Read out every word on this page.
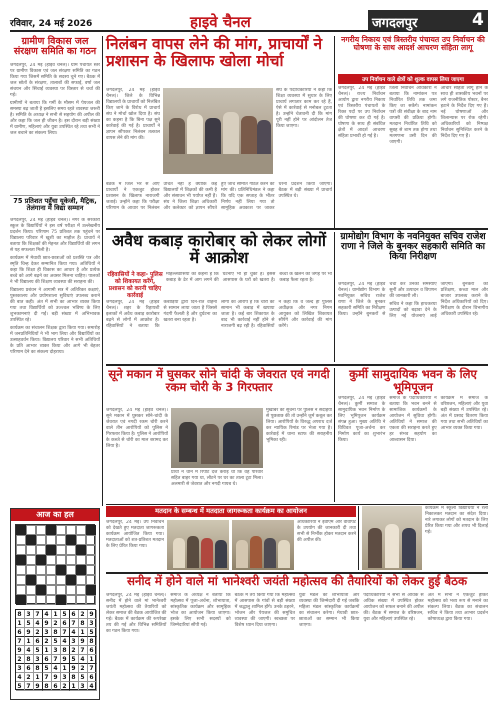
रविवार, 24 मई 2026	हाइवे चैनल	जगदलपुर	4
ग्रामीण विकास जल संरक्षण समिति का गठन

जगदलपुर, 24 मई (हाईवे चैनल)। ग्राम पंचायत स्तर पर ग्रामीण विकास एवं जल संरक्षण समिति का गठन किया गया जिसमें समिति के सदस्य चुने गए। बैठक में जल स्रोतों के संरक्षण, तालाबों की सफाई, वर्षा जल संचयन और सिंचाई व्यवस्था पर विस्तार से चर्चा की गई।

ग्रामीणों ने बताया कि गर्मी के मौसम में पेयजल की समस्या बढ़ जाती है इसलिए समय रहते व्यवस्था जरूरी है। समिति के अध्यक्ष ने सभी से सहयोग की अपील की और कहा कि जल ही जीवन है। इस दौरान बड़ी संख्या में ग्रामीण, महिलाएं और युवा उपस्थित रहे तथा सभी ने जल बचाने का संकल्प लिया।

75 प्रतिशत पहुँचा यूकेजी, मैट्रिक, तेलंगाना में विद्या सम्मान

जगदलपुर, 24 मई (हाईवे चैनल)। नगर के सरकारी स्कूल के विद्यार्थियों ने इस वर्ष परीक्षा में उल्लेखनीय प्रदर्शन किया। परिणाम 75 प्रतिशत तक पहुंचने पर विद्यालय परिवार में खुशी का माहौल है। प्राचार्य ने बताया कि शिक्षकों की मेहनत और विद्यार्थियों की लगन से यह सफलता मिली है।

कार्यक्रम में मेधावी छात्र-छात्राओं को प्रशस्ति पत्र और स्मृति चिन्ह देकर सम्मानित किया गया। अतिथियों ने कहा कि शिक्षा ही विकास का आधार है और प्रत्येक बच्चे को आगे बढ़ने का अवसर मिलना चाहिए। पालकों ने भी विद्यालय की शिक्षण व्यवस्था की सराहना की।

विद्यालय प्रबंधन ने आगामी सत्र में अतिरिक्त कक्षाएं, पुस्तकालय और प्रयोगशाला सुविधाएं उपलब्ध कराने की बात कही। अंत में सभी का आभार व्यक्त किया गया तथा विद्यार्थियों को उज्ज्वल भविष्य के लिए शुभकामनाएं दी गईं। बड़ी संख्या में अभिभावक उपस्थित रहे।

कार्यक्रम का संचालन शिक्षक द्वारा किया गया। समारोह में जनप्रतिनिधियों ने भी भाग लिया और विद्यार्थियों का उत्साहवर्धन किया। विद्यालय परिवार ने सभी अतिथियों के प्रति आभार व्यक्त किया और आगे भी बेहतर परिणाम देने का संकल्प दोहराया।

आज का हल
8 3 7 4 1 5 6 2 9
1 5 4 9 2 6 7 8 3
6 9 2 3 8 7 4 1 5
7 1 6 2 5 4 3 9 8
9 4 5 1 3 8 2 7 6
2 8 3 6 7 9 5 4 1
3 6 8 5 4 1 9 2 7
4 2 1 7 9 3 8 5 6
5 7 9 8 6 2 1 3 4
निलंबन वापस लेने की मांग, प्राचार्यों ने प्रशासन के खिलाफ खोला मोर्चा

जगदलपुर, 24 मई (हाईवे चैनल)। जिले के विभिन्न विद्यालयों के प्राचार्यों को निलंबित किए जाने के विरोध में प्राचार्य संघ ने मोर्चा खोल दिया है। संघ का कहना है कि बिना पक्ष सुने कार्रवाई की गई है। प्राचार्यों ने ज्ञापन सौंपकर निलंबन तत्काल वापस लेने की मांग की।

संघ के पदाधिकारियों ने कहा कि शिक्षा व्यवस्था में सुधार के लिए प्राचार्य लगातार काम कर रहे हैं, ऐसे में कार्रवाई से मनोबल टूटता है। उन्होंने चेतावनी दी कि मांग पूरी नहीं होने पर आंदोलन तेज किया जाएगा।

बैठक में जिले भर से आए प्राचार्यों ने एकजुट होकर प्रशासन के खिलाफ नाराजगी जताई। उन्होंने कहा कि परीक्षा परिणाम के आधार पर निलंबन उचित नहीं है क्योंकि कई विद्यालयों में शिक्षकों की कमी है और संसाधन भी पर्याप्त नहीं हैं। संघ ने जिला शिक्षा अधिकारी और कलेक्टर को ज्ञापन सौंपते हुए जांच समिति गठित करने की मांग की। प्रतिनिधिमंडल ने कहा कि यदि एक सप्ताह के भीतर निर्णय नहीं लिया गया तो सामूहिक अवकाश पर जाकर धरना प्रदर्शन किया जाएगा। बैठक में बड़ी संख्या में प्राचार्य उपस्थित थे।

नगरीय निकाय एवं त्रिस्तरीय पंचायत उप निर्वाचन की घोषणा के साथ आदर्श आचरण संहिता लागू
उप निर्वाचन वाले क्षेत्रों को शुल्क वापस लिया जाएगा

जगदलपुर, 24 मई (हाईवे चैनल)। राज्य निर्वाचन आयोग द्वारा नगरीय निकाय एवं त्रिस्तरीय पंचायतों के रिक्त पदों पर उप निर्वाचन की घोषणा कर दी गई है। घोषणा के साथ ही संबंधित क्षेत्रों में आदर्श आचरण संहिता प्रभावी हो गई है।

जिला निर्वाचन अधिकारी ने बताया कि नामांकन पत्र निर्धारित तिथि तक जमा किए जा सकेंगे। नामांकन पत्रों की संवीक्षा के बाद नाम वापसी की प्रक्रिया होगी। मतदान निर्धारित तिथि को सुबह से शाम तक होगा तथा मतगणना उसी दिन की जाएगी।

आचार संहिता लागू होने के साथ ही शासकीय भवनों पर लगे राजनीतिक पोस्टर, बैनर हटाने के निर्देश दिए गए हैं। नई घोषणाओं और शिलान्यास पर रोक रहेगी। अधिकारियों को निष्पक्ष निर्वाचन सुनिश्चित करने के निर्देश दिए गए हैं।

अवैध कबाड़ कारोबार को लेकर लोगों में आक्रोश
रहिवासियों ने कहा- पुलिस को शिकायत करेंगे, प्रशासन को करनी चाहिए कार्रवाई

जगदलपुर, 24 मई (हाईवे चैनल)। शहर के रिहायशी इलाकों में अवैध कबाड़ कारोबार बढ़ने से लोगों में आक्रोश है। रहिवासियों ने बताया कि कबाड़ियों द्वारा दिन-रात वाहनों से सामान लाया जाता है जिससे गंदगी फैलती है और दुर्घटना का खतरा बना रहता है।

लोगों का आरोप है कि चोरी का सामान भी कबाड़ में खपाया जाता है। कई बार शिकायत के बाद भी कार्रवाई नहीं होने से नाराजगी बढ़ रही है। रहिवासियों ने कहा कि वे जल्द ही पुलिस अधीक्षक और नगर निगम आयुक्त को लिखित शिकायत सौंपेंगे और कार्रवाई की मांग करेंगे।

मोहल्लेवासियों का कहना है कि कबाड़ के ढेर में आग लगने की घटनाएं भी हो चुकी हैं। इससे आसपास के घरों को खतरा है। बच्चों के खेलने की जगह पर भी कबाड़ फैला रहता है।

ग्रामोद्योग विभाग के नवनियुक्त सचिव राजेश राणा ने जिले के बुनकर सहकारी समिति का किया निरीक्षण

जगदलपुर, 24 मई (हाईवे चैनल)। ग्रामोद्योग विभाग के नवनियुक्त सचिव राजेश राणा ने जिले के बुनकर सहकारी समिति का निरीक्षण किया। उन्होंने बुनकरों से चर्चा कर उनकी समस्याएं सुनीं और उत्पादन व विपणन की जानकारी ली।

सचिव ने कहा कि हाथकरघा उत्पादों को बढ़ावा देने के लिए नई योजनाएं लाई जाएंगी। बुनकरों को प्रशिक्षण, कच्चा माल और बाजार उपलब्ध कराने के निर्देश अधिकारियों को दिए। निरीक्षण के दौरान विभागीय अधिकारी उपस्थित रहे।

सूने मकान में घुसकर सोने चांदी के जेवरात एवं नगदी रकम चोरी के 3 गिरफ्तार

जगदलपुर, 24 मई (हाईवे चैनल)। सूने मकान में घुसकर सोने-चांदी के जेवरात एवं नगदी रकम चोरी करने वाले तीन आरोपियों को पुलिस ने गिरफ्तार किया है। पुलिस ने आरोपियों के कब्जे से चोरी का माल बरामद कर लिया है।

प्रार्थी ने थाने में रिपोर्ट दर्ज कराई थी कि वह परिवार सहित बाहर गया था, लौटने पर घर का ताला टूटा मिला। अलमारी से जेवरात और नगदी गायब थे।

मुखबिर की सूचना पर पुलिस ने संदेहियों से पूछताछ की तो उन्होंने जुर्म कबूल कर लिया। आरोपियों के विरुद्ध अपराध दर्ज कर न्यायिक रिमांड पर भेजा गया है। कार्रवाई में थाना स्टाफ की सराहनीय भूमिका रही।

कुर्मी सामुदायिक भवन के लिए भूमिपूजन

जगदलपुर, 24 मई (हाईवे चैनल)। कुर्मी समाज के सामुदायिक भवन निर्माण के लिए भूमिपूजन कार्यक्रम संपन्न हुआ। मुख्य अतिथि ने विधिवत पूजा-अर्चना कर निर्माण कार्य का शुभारंभ किया।

समाज के पदाधिकारियों ने बताया कि भवन बनने से सामाजिक कार्यक्रमों के आयोजन में सुविधा होगी। अतिथियों ने समाज की एकता की सराहना करते हुए हर संभव सहयोग का आश्वासन दिया।

कार्यक्रम में समाज के वरिष्ठजन, महिलाएं और युवा बड़ी संख्या में उपस्थित रहे। अंत में प्रसाद वितरण किया गया तथा सभी अतिथियों का आभार व्यक्त किया गया।

मतदान के सम्बन्ध में मतदाता जागरूकता कार्यक्रम का आयोजन

जगदलपुर, 24 मई। उप निर्वाचन को देखते हुए मतदाता जागरूकता कार्यक्रम आयोजित किया गया। मतदाताओं को शत-प्रतिशत मतदान के लिए प्रेरित किया गया।

अधिकारियों ने ईवीएम और वीवीपैट के उपयोग की जानकारी दी तथा सभी से निर्भीक होकर मतदान करने की अपील की।

कार्यक्रम में स्कूली विद्यार्थियों ने रैली निकालकर मतदान का संदेश दिया। नारे लगाकर लोगों को मतदान के लिए प्रेरित किया गया और शपथ भी दिलाई गई।

सनीद में होने वाले मां भानेश्वरी जयंती महोत्सव की तैयारियों को लेकर हुई बैठक

जगदलपुर, 24 मई (हाईवे चैनल)। सनीद में होने वाले मां भानेश्वरी जयंती महोत्सव की तैयारियों को लेकर समाज की बैठक आयोजित की गई। बैठक में कार्यक्रम की रूपरेखा तय की गई और विभिन्न समितियों का गठन किया गया।

समाज के अध्यक्ष ने बताया कि महोत्सव में पूजा-अर्चना, शोभायात्रा, सांस्कृतिक कार्यक्रम और सामूहिक भोज का आयोजन किया जाएगा। इसके लिए सभी सदस्यों को जिम्मेदारियां सौंपी गईं।

बैठक में तय किया गया कि महोत्सव में आसपास के गांवों से बड़ी संख्या में श्रद्धालु शामिल होंगे। उनके ठहरने, भोजन और पेयजल की समुचित व्यवस्था की जाएगी। स्वच्छता पर विशेष ध्यान दिया जाएगा।

युवा मंडल को शोभायात्रा और व्यवस्था की जिम्मेदारी दी गई जबकि महिला मंडल सांस्कृतिक कार्यक्रमों का संचालन करेगा। मेधावी छात्र-छात्राओं का सम्मान भी किया जाएगा।

पदाधिकारियों ने सभी से अधिक से अधिक संख्या में उपस्थित होकर आयोजन को सफल बनाने की अपील की। बैठक में समाज के वरिष्ठजन, युवा और महिलाएं उपस्थित रहे।

अंत में सभी ने एकजुट होकर महोत्सव को भव्य रूप से मनाने का संकल्प लिया। बैठक का संचालन सचिव ने किया तथा आभार प्रदर्शन कोषाध्यक्ष द्वारा किया गया।
